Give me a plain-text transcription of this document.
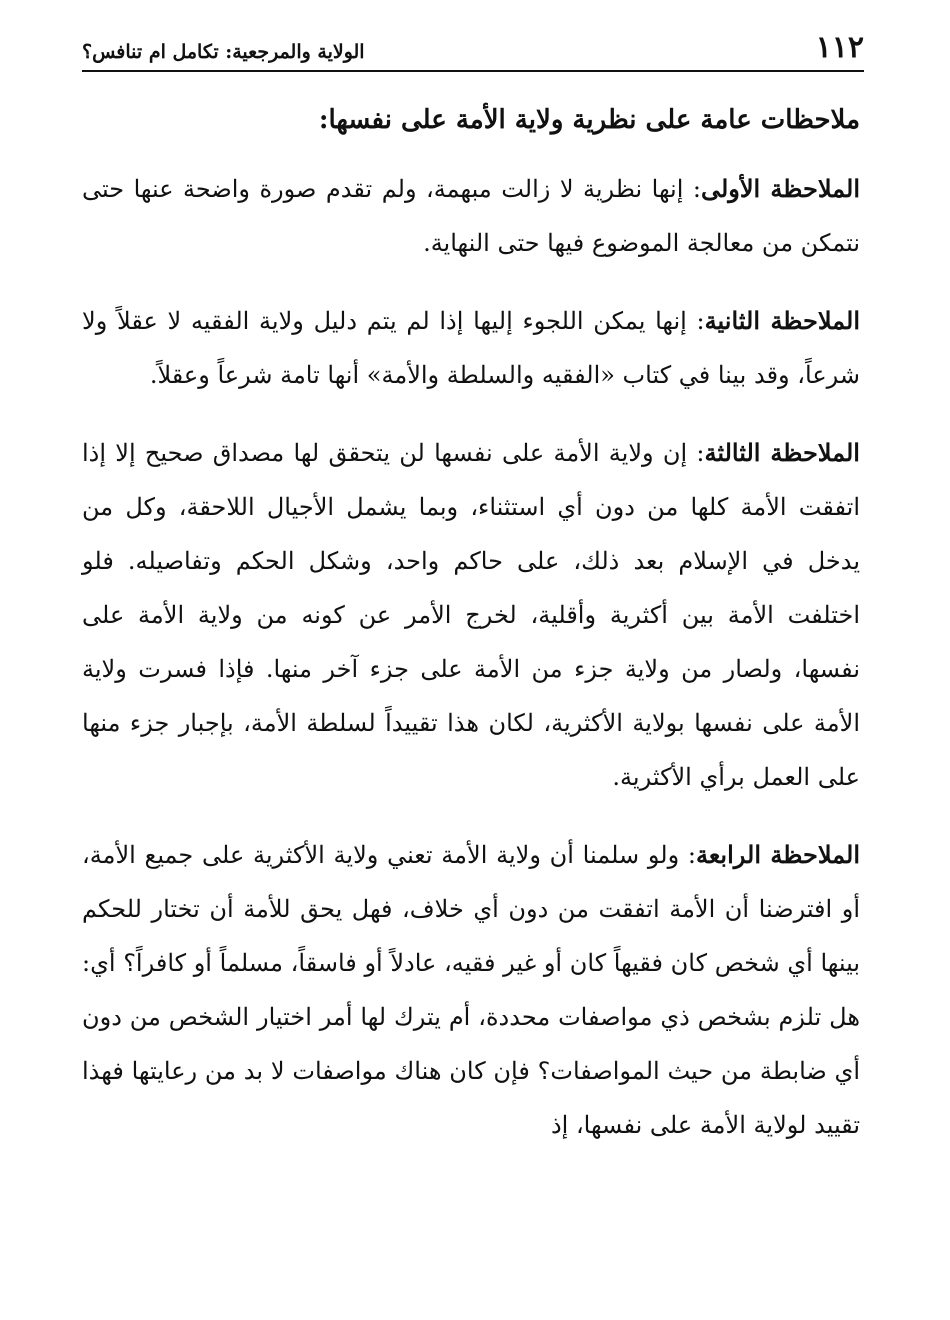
١١٢
الولاية والمرجعية: تكامل ام تنافس؟

ملاحظات عامة على نظرية ولاية الأمة على نفسها:

الملاحظة الأولى: إنها نظرية لا زالت مبهمة، ولم تقدم صورة واضحة عنها حتى نتمكن من معالجة الموضوع فيها حتى النهاية.

الملاحظة الثانية: إنها يمكن اللجوء إليها إذا لم يتم دليل ولاية الفقيه لا عقلاً ولا شرعاً، وقد بينا في كتاب «الفقيه والسلطة والأمة» أنها تامة شرعاً وعقلاً.

الملاحظة الثالثة: إن ولاية الأمة على نفسها لن يتحقق لها مصداق صحيح إلا إذا اتفقت الأمة كلها من دون أي استثناء، وبما يشمل الأجيال اللاحقة، وكل من يدخل في الإسلام بعد ذلك، على حاكم واحد، وشكل الحكم وتفاصيله. فلو اختلفت الأمة بين أكثرية وأقلية، لخرج الأمر عن كونه من ولاية الأمة على نفسها، ولصار من ولاية جزء من الأمة على جزء آخر منها. فإذا فسرت ولاية الأمة على نفسها بولاية الأكثرية، لكان هذا تقييداً لسلطة الأمة، بإجبار جزء منها على العمل برأي الأكثرية.

الملاحظة الرابعة: ولو سلمنا أن ولاية الأمة تعني ولاية الأكثرية على جميع الأمة، أو افترضنا أن الأمة اتفقت من دون أي خلاف، فهل يحق للأمة أن تختار للحكم بينها أي شخص كان فقيهاً كان أو غير فقيه، عادلاً أو فاسقاً، مسلماً أو كافراً؟ أي: هل تلزم بشخص ذي مواصفات محددة، أم يترك لها أمر اختيار الشخص من دون أي ضابطة من حيث المواصفات؟ فإن كان هناك مواصفات لا بد من رعايتها فهذا تقييد لولاية الأمة على نفسها، إذ
